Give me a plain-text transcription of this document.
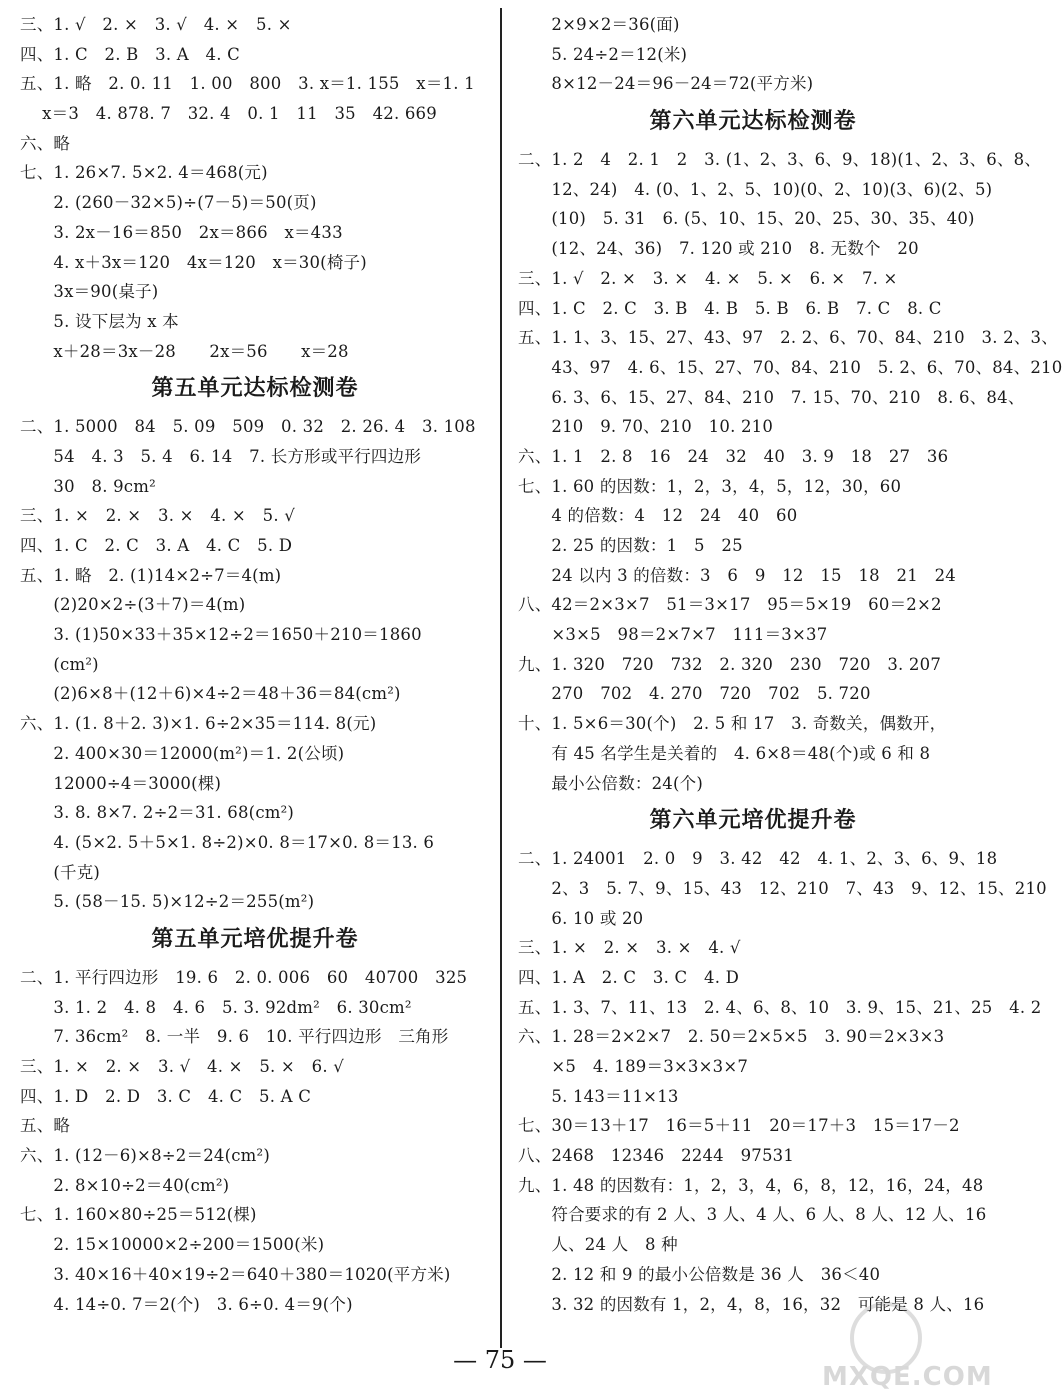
三、1. √　2. ×　3. √　4. ×　5. ×
四、1. C　2. B　3. A　4. C
五、1. 略　2. 0. 11　1. 00　800　3. x＝1. 155　x＝1. 1
　 x＝3　4. 878. 7　32. 4　0. 1　11　35　42. 669
六、略
七、1. 26×7. 5×2. 4＝468(元)
　　2. (260－32×5)÷(7－5)＝50(页)
　　3. 2x－16＝850　2x＝866　x＝433
　　4. x＋3x＝120　4x＝120　x＝30(椅子)
　　3x＝90(桌子)
　　5. 设下层为 x 本
　　x＋28＝3x－28　　2x＝56　　x＝28
第五单元达标检测卷
二、1. 5000　84　5. 09　509　0. 32　2. 26. 4　3. 108
　　54　4. 3　5. 4　6. 14　7. 长方形或平行四边形
　　30　8. 9cm²
三、1. ×　2. ×　3. ×　4. ×　5. √
四、1. C　2. C　3. A　4. C　5. D
五、1. 略　2. (1)14×2÷7＝4(m)
　　(2)20×2÷(3＋7)＝4(m)
　　3. (1)50×33＋35×12÷2＝1650＋210＝1860
　　(cm²)
　　(2)6×8＋(12＋6)×4÷2＝48＋36＝84(cm²)
六、1. (1. 8＋2. 3)×1. 6÷2×35＝114. 8(元)
　　2. 400×30＝12000(m²)＝1. 2(公顷)
　　12000÷4＝3000(棵)
　　3. 8. 8×7. 2÷2＝31. 68(cm²)
　　4. (5×2. 5＋5×1. 8÷2)×0. 8＝17×0. 8＝13. 6
　　(千克)
　　5. (58－15. 5)×12÷2＝255(m²)
第五单元培优提升卷
二、1. 平行四边形　19. 6　2. 0. 006　60　40700　325
　　3. 1. 2　4. 8　4. 6　5. 3. 92dm²　6. 30cm²
　　7. 36cm²　8. 一半　9. 6　10. 平行四边形　三角形
三、1. ×　2. ×　3. √　4. ×　5. ×　6. √
四、1. D　2. D　3. C　4. C　5. A C
五、略
六、1. (12－6)×8÷2＝24(cm²)
　　2. 8×10÷2＝40(cm²)
七、1. 160×80÷25＝512(棵)
　　2. 15×10000×2÷200＝1500(米)
　　3. 40×16＋40×19÷2＝640＋380＝1020(平方米)
　　4. 14÷0. 7＝2(个)　3. 6÷0. 4＝9(个)
　　2×9×2＝36(面)
　　5. 24÷2＝12(米)
　　8×12－24＝96－24＝72(平方米)
第六单元达标检测卷
二、1. 2　4　2. 1　2　3. (1、2、3、6、9、18)(1、2、3、6、8、
　　12、24)　4. (0、1、2、5、10)(0、2、10)(3、6)(2、5)
　　(10)　5. 31　6. (5、10、15、20、25、30、35、40)
　　(12、24、36)　7. 120 或 210　8. 无数个　20
三、1. √　2. ×　3. ×　4. ×　5. ×　6. ×　7. ×
四、1. C　2. C　3. B　4. B　5. B　6. B　7. C　8. C
五、1. 1、3、15、27、43、97　2. 2、6、70、84、210　3. 2、3、
　　43、97　4. 6、15、27、70、84、210　5. 2、6、70、84、210
　　6. 3、6、15、27、84、210　7. 15、70、210　8. 6、84、
　　210　9. 70、210　10. 210
六、1. 1　2. 8　16　24　32　40　3. 9　18　27　36
七、1. 60 的因数：1，2，3，4，5，12，30，60
　　4 的倍数：4　12　24　40　60
　　2. 25 的因数：1　5　25
　　24 以内 3 的倍数：3　6　9　12　15　18　21　24
八、42＝2×3×7　51＝3×17　95＝5×19　60＝2×2
　　×3×5　98＝2×7×7　111＝3×37
九、1. 320　720　732　2. 320　230　720　3. 207
　　270　702　4. 270　720　702　5. 720
十、1. 5×6＝30(个)　2. 5 和 17　3. 奇数关，偶数开，
　　有 45 名学生是关着的　4. 6×8＝48(个)或 6 和 8
　　最小公倍数：24(个)
第六单元培优提升卷
二、1. 24001　2. 0　9　3. 42　42　4. 1、2、3、6、9、18
　　2、3　5. 7、9、15、43　12、210　7、43　9、12、15、210
　　6. 10 或 20
三、1. ×　2. ×　3. ×　4. √
四、1. A　2. C　3. C　4. D
五、1. 3、7、11、13　2. 4、6、8、10　3. 9、15、21、25　4. 2
六、1. 28＝2×2×7　2. 50＝2×5×5　3. 90＝2×3×3
　　×5　4. 189＝3×3×3×7
　　5. 143＝11×13
七、30＝13＋17　16＝5＋11　20＝17＋3　15＝17－2
八、2468　12346　2244　97531
九、1. 48 的因数有：1，2，3，4，6，8，12，16，24，48
　　符合要求的有 2 人、3 人、4 人、6 人、8 人、12 人、16
　　人、24 人　8 种
　　2. 12 和 9 的最小公倍数是 36 人　36＜40
　　3. 32 的因数有 1，2，4，8，16，32　可能是 8 人、16
— 75 —
MXQE.COM
